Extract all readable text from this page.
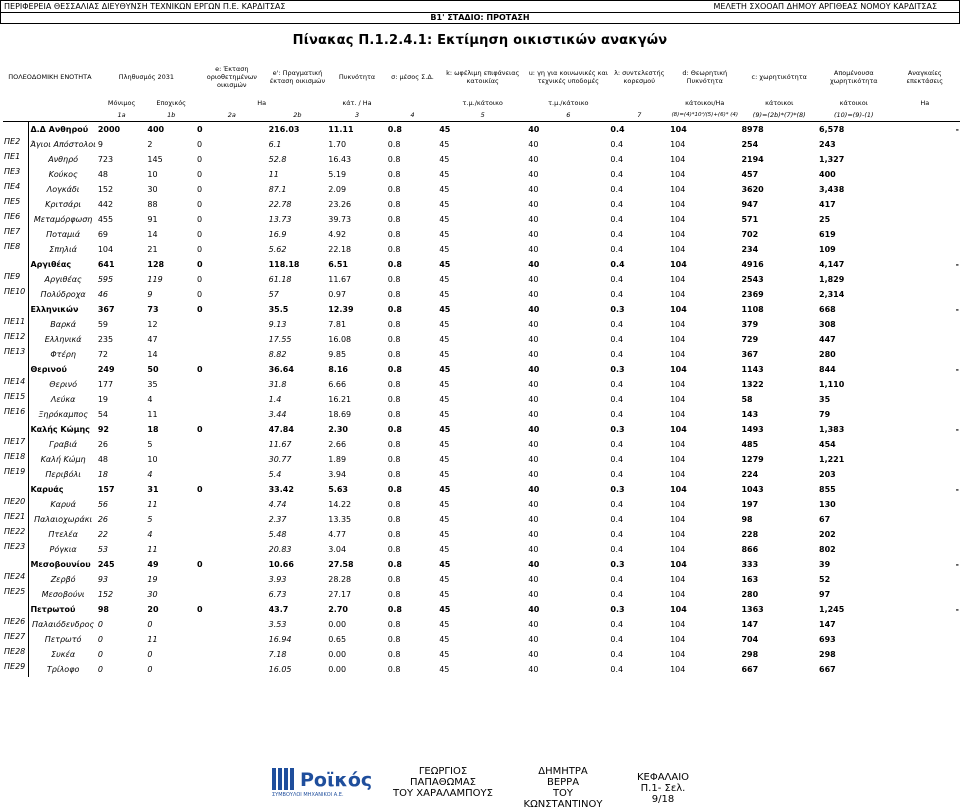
ΠΕΡΙΦΕΡΕΙΑ ΘΕΣΣΑΛΙΑΣ ΔΙΕΥΘΥΝΣΗ ΤΕΧΝΙΚΩΝ ΕΡΓΩΝ Π.Ε. ΚΑΡΔΙΤΣΑΣ	ΜΕΛΕΤΗ ΣΧΟΟΑΠ ΔΗΜΟΥ ΑΡΓΙΘΕΑΣ ΝΟΜΟΥ ΚΑΡΔΙΤΣΑΣ
Β1' ΣΤΑΔΙΟ: ΠΡΟΤΑΣΗ
Πίνακας Π.1.2.4.1: Εκτίμηση οικιστικών ανακγών
ΠΟΛΕΟΔΟΜΙΚΗ ΕΝΟΤΗΤΑ		Πληθυσμός 2031		e: Έκταση οριοθετημένων οικισμών	e': Πραγματική έκταση οικισμών	Πυκνότητα	σ: μέσος Σ.Δ.	k: ωφέλιμη επιφάνειας κατοικίας	u: γη για κοινωνικές και τεχνικές υποδομές	λ: συντελεστής κορεσμού	d: Θεωρητική Πυκνότητα	c: χωρητικότητα	Απομένουσα χωρητικότητα	Αναγκαίες επεκτάσεις
		Μόνιμος	Εποχικός	Ha		κάτ. / Ha		τ.μ./κάτοικο	τ.μ./κάτοικο		κάτοικοι/Ha	κάτοικοι	κάτοικοι	Ha
		1a	1b	2a	2b	3	4	5	6	7	(8)=(4)*10⁴/(5)+(6)* (4)	(9)=(2b)*(7)*(8)	(10)=(9)-(1)	
	Δ.Δ Ανθηρού	2000	400	0	216.03	11.11	0.8	45	40	0.4	104	8978	6,578	-
ΠΕ2	Άγιοι Απόστολοι	9	2	0	6.1	1.70	0.8	45	40	0.4	104	254	243	
ΠΕ1	Ανθηρό	723	145	0	52.8	16.43	0.8	45	40	0.4	104	2194	1,327	
ΠΕ3	Κούκος	48	10	0	11	5.19	0.8	45	40	0.4	104	457	400	
ΠΕ4	Λογκάδι	152	30	0	87.1	2.09	0.8	45	40	0.4	104	3620	3,438	
ΠΕ5	Κριτσάρι	442	88	0	22.78	23.26	0.8	45	40	0.4	104	947	417	
ΠΕ6	Μεταμόρφωση	455	91	0	13.73	39.73	0.8	45	40	0.4	104	571	25	
ΠΕ7	Ποταμιά	69	14	0	16.9	4.92	0.8	45	40	0.4	104	702	619	
ΠΕ8	Σπηλιά	104	21	0	5.62	22.18	0.8	45	40	0.4	104	234	109	
	Αργιθέας	641	128	0	118.18	6.51	0.8	45	40	0.4	104	4916	4,147	-
ΠΕ9	Αργιθέας	595	119	0	61.18	11.67	0.8	45	40	0.4	104	2543	1,829	
ΠΕ10	Πολύδροχα	46	9	0	57	0.97	0.8	45	40	0.4	104	2369	2,314	
	Ελληνικών	367	73	0	35.5	12.39	0.8	45	40	0.3	104	1108	668	-
ΠΕ11	Βαρκά	59	12		9.13	7.81	0.8	45	40	0.4	104	379	308	
ΠΕ12	Ελληνικά	235	47		17.55	16.08	0.8	45	40	0.4	104	729	447	
ΠΕ13	Φτέρη	72	14		8.82	9.85	0.8	45	40	0.4	104	367	280	
	Θερινού	249	50	0	36.64	8.16	0.8	45	40	0.3	104	1143	844	-
ΠΕ14	Θερινό	177	35		31.8	6.66	0.8	45	40	0.4	104	1322	1,110	
ΠΕ15	Λεύκα	19	4		1.4	16.21	0.8	45	40	0.4	104	58	35	
ΠΕ16	Ξηρόκαμπος	54	11		3.44	18.69	0.8	45	40	0.4	104	143	79	
	Καλής Κώμης	92	18	0	47.84	2.30	0.8	45	40	0.3	104	1493	1,383	-
ΠΕ17	Γραβιά	26	5		11.67	2.66	0.8	45	40	0.4	104	485	454	
ΠΕ18	Καλή Κώμη	48	10		30.77	1.89	0.8	45	40	0.4	104	1279	1,221	
ΠΕ19	Περιβόλι	18	4		5.4	3.94	0.8	45	40	0.4	104	224	203	
	Καρυάς	157	31	0	33.42	5.63	0.8	45	40	0.3	104	1043	855	-
ΠΕ20	Καρυά	56	11		4.74	14.22	0.8	45	40	0.4	104	197	130	
ΠΕ21	Παλαιοχωράκι	26	5		2.37	13.35	0.8	45	40	0.4	104	98	67	
ΠΕ22	Πτελέα	22	4		5.48	4.77	0.8	45	40	0.4	104	228	202	
ΠΕ23	Ρόγκια	53	11		20.83	3.04	0.8	45	40	0.4	104	866	802	
	Μεσοβουνίου	245	49	0	10.66	27.58	0.8	45	40	0.3	104	333	39	-
ΠΕ24	Ζερβό	93	19		3.93	28.28	0.8	45	40	0.4	104	163	52	
ΠΕ25	Μεσοβούνι	152	30		6.73	27.17	0.8	45	40	0.4	104	280	97	
	Πετρωτού	98	20	0	43.7	2.70	0.8	45	40	0.3	104	1363	1,245	-
ΠΕ26	Παλαιόδενδρος	0	0		3.53	0.00	0.8	45	40	0.4	104	147	147	
ΠΕ27	Πετρωτό	0	11		16.94	0.65	0.8	45	40	0.4	104	704	693	
ΠΕ28	Συκέα	0	0		7.18	0.00	0.8	45	40	0.4	104	298	298	
ΠΕ29	Τρίλοφο	0	0		16.05	0.00	0.8	45	40	0.4	104	667	667	
Ροϊκός
ΣΥΜΒΟΥΛΟΙ ΜΗΧΑΝΙΚΟΙ Α.Ε.
ΓΕΩΡΓΙΟΣ
ΠΑΠΑΘΩΜΑΣ
ΤΟΥ ΧΑΡΑΛΑΜΠΟΥΣ
ΔΗΜΗΤΡΑ
ΒΕΡΡΑ
ΤΟΥ ΚΩΝΣΤΑΝΤΙΝΟΥ
ΚΕΦΑΛΑΙΟ
Π.1- Σελ. 9/18
